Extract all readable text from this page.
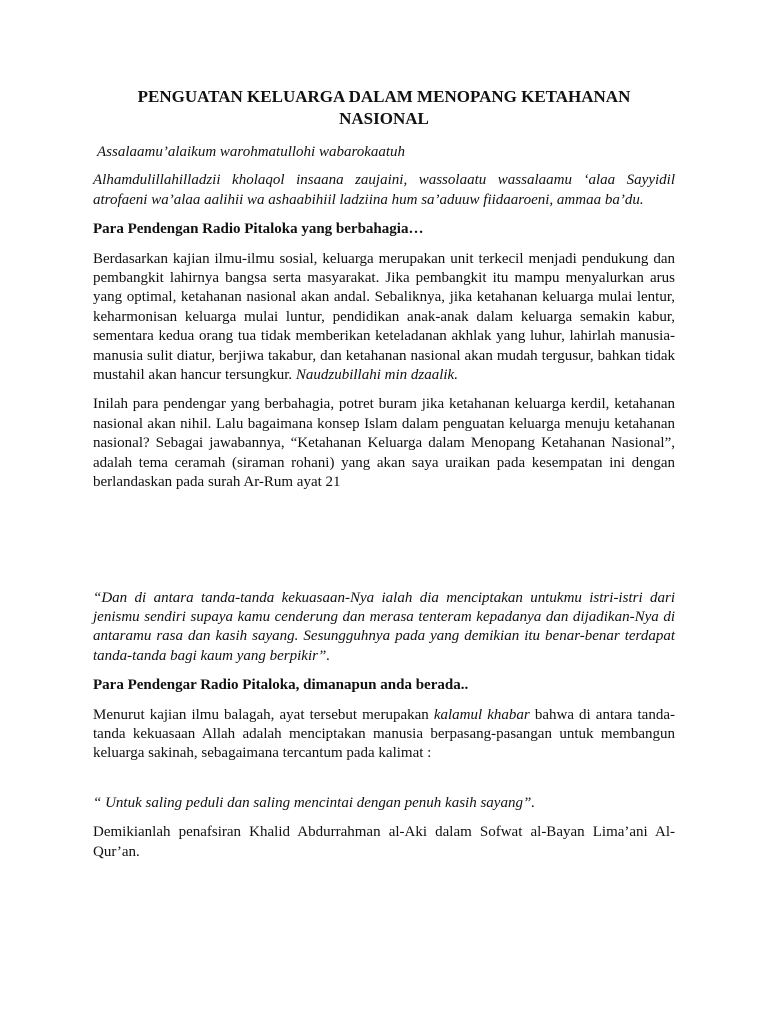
PENGUATAN KELUARGA DALAM MENOPANG KETAHANAN
NASIONAL

Assalaamu’alaikum warohmatullohi wabarokaatuh

Alhamdulillahilladzii kholaqol insaana zaujaini, wassolaatu wassalaamu ‘alaa Sayyidil atrofaeni wa’alaa aalihii wa ashaabihiil ladziina hum sa’aduuw fiidaaroeni, ammaa ba’du.

Para Pendengan Radio Pitaloka yang berbahagia…

Berdasarkan kajian ilmu-ilmu sosial, keluarga merupakan unit terkecil menjadi pendukung dan pembangkit lahirnya bangsa serta masyarakat. Jika pembangkit itu mampu menyalurkan arus yang optimal, ketahanan nasional akan andal. Sebaliknya, jika ketahanan keluarga mulai lentur, keharmonisan keluarga mulai luntur, pendidikan anak-anak dalam keluarga semakin kabur, sementara kedua orang tua tidak memberikan keteladanan akhlak yang luhur, lahirlah manusia-manusia sulit diatur, berjiwa takabur, dan ketahanan nasional akan mudah tergusur, bahkan tidak mustahil akan hancur tersungkur. Naudzubillahi min dzaalik.

Inilah para pendengar yang berbahagia, potret buram jika ketahanan keluarga kerdil, ketahanan nasional akan nihil. Lalu bagaimana konsep Islam dalam penguatan keluarga menuju ketahanan nasional? Sebagai jawabannya, “Ketahanan Keluarga dalam Menopang Ketahanan Nasional”, adalah tema ceramah (siraman rohani) yang akan saya uraikan pada kesempatan ini dengan berlandaskan pada surah Ar-Rum ayat 21

“Dan di antara tanda-tanda kekuasaan-Nya ialah dia menciptakan untukmu istri-istri dari jenismu sendiri supaya kamu cenderung dan merasa tenteram kepadanya dan dijadikan-Nya di antaramu rasa dan kasih sayang. Sesungguhnya pada yang demikian itu benar-benar terdapat tanda-tanda bagi kaum yang berpikir”.

Para Pendengar Radio Pitaloka, dimanapun anda berada..

Menurut kajian ilmu balagah, ayat tersebut merupakan kalamul khabar bahwa di antara tanda-tanda kekuasaan Allah adalah menciptakan manusia berpasang-pasangan untuk membangun keluarga sakinah, sebagaimana tercantum pada kalimat :

“ Untuk saling peduli dan saling mencintai dengan penuh kasih sayang”.

Demikianlah penafsiran Khalid Abdurrahman al-Aki dalam Sofwat al-Bayan Lima’ani Al-Qur’an.
